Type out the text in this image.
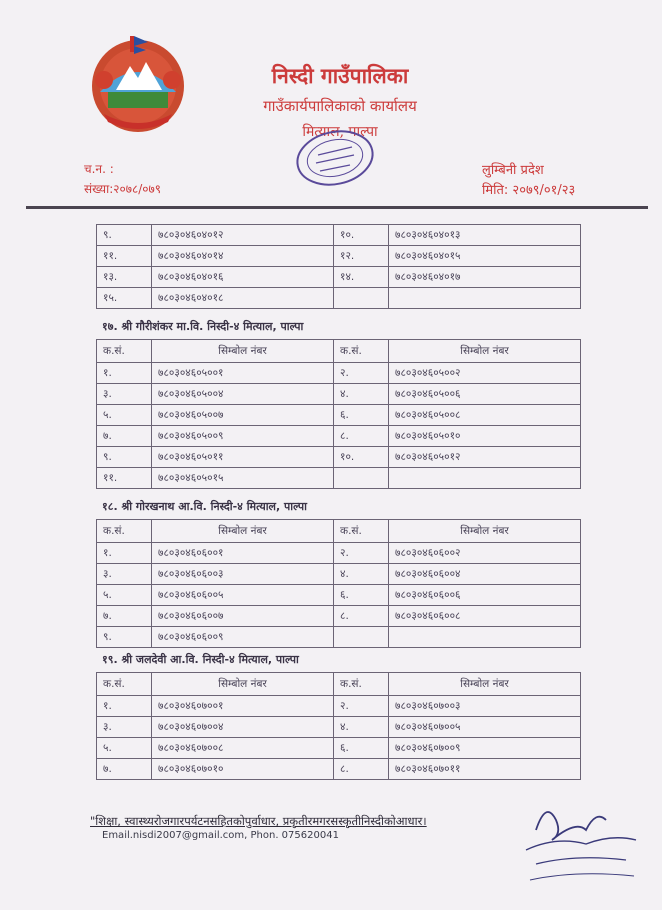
निस्दी गाउँपालिका
गाउँकार्यपालिकाको कार्यालय
मित्याल, पाल्पा
च.न. :
संख्या:२०७८/०७९
लुम्बिनी प्रदेश
मिति: २०७९/०१/२३
९.	७८०३०४६०४०१२	१०.	७८०३०४६०४०१३
११.	७८०३०४६०४०१४	१२.	७८०३०४६०४०१५
१३.	७८०३०४६०४०१६	१४.	७८०३०४६०४०१७
१५.	७८०३०४६०४०१८		
१७. श्री गौरीशंकर मा.वि. निस्दी-४ मित्याल, पाल्पा
क.सं.	सिम्बोल नंबर	क.सं.	सिम्बोल नंबर
१.	७८०३०४६०५००१	२.	७८०३०४६०५००२
३.	७८०३०४६०५००४	४.	७८०३०४६०५००६
५.	७८०३०४६०५००७	६.	७८०३०४६०५००८
७.	७८०३०४६०५००९	८.	७८०३०४६०५०१०
९.	७८०३०४६०५०११	१०.	७८०३०४६०५०१२
११.	७८०३०४६०५०१५		
१८. श्री गोरखनाथ आ.वि. निस्दी-४ मित्याल, पाल्पा
क.सं.	सिम्बोल नंबर	क.सं.	सिम्बोल नंबर
१.	७८०३०४६०६००१	२.	७८०३०४६०६००२
३.	७८०३०४६०६००३	४.	७८०३०४६०६००४
५.	७८०३०४६०६००५	६.	७८०३०४६०६००६
७.	७८०३०४६०६००७	८.	७८०३०४६०६००८
९.	७८०३०४६०६००९		
१९. श्री जलदेवी आ.वि. निस्दी-४ मित्याल, पाल्पा
क.सं.	सिम्बोल नंबर	क.सं.	सिम्बोल नंबर
१.	७८०३०४६०७००१	२.	७८०३०४६०७००३
३.	७८०३०४६०७००४	४.	७८०३०४६०७००५
५.	७८०३०४६०७००८	६.	७८०३०४६०७००९
७.	७८०३०४६०७०१०	८.	७८०३०४६०७०११
"शिक्षा, स्वास्थ्यरोजगारपर्यटनसहितकोपुर्वाधार, प्रकृतीरमगरसस्कृतीनिस्दीकोआधार।
Email.nisdi2007@gmail.com, Phon. 075620041
